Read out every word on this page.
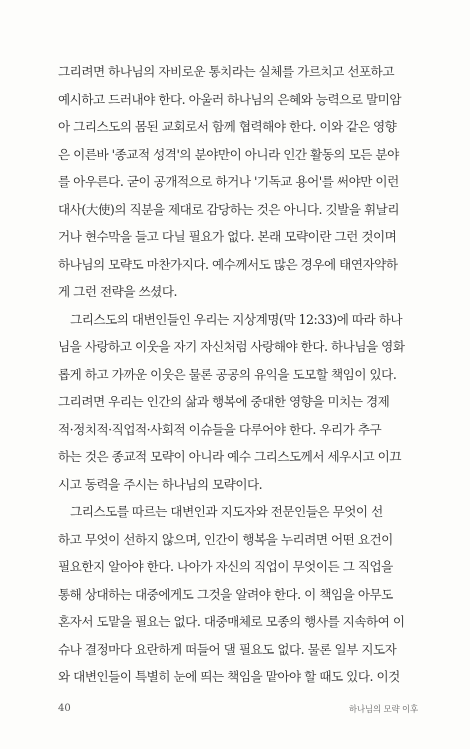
그리려면 하나님의 자비로운 통치라는 실체를 가르치고 선포하고
예시하고 드러내야 한다. 아울러 하나님의 은혜와 능력으로 말미암
아 그리스도의 몸된 교회로서 함께 협력해야 한다. 이와 같은 영향
은 이른바 '종교적 성격'의 분야만이 아니라 인간 활동의 모든 분야
를 아우른다. 굳이 공개적으로 하거나 '기독교 용어'를 써야만 이런
대사(大使)의 직분을 제대로 감당하는 것은 아니다. 깃발을 휘날리
거나 현수막을 들고 다닐 필요가 없다. 본래 모략이란 그런 것이며
하나님의 모략도 마찬가지다. 예수께서도 많은 경우에 태연자약하
게 그런 전략을 쓰셨다.
　그리스도의 대변인들인 우리는 지상계명(막 12:33)에 따라 하나
님을 사랑하고 이웃을 자기 자신처럼 사랑해야 한다. 하나님을 영화
롭게 하고 가까운 이웃은 물론 공공의 유익을 도모할 책임이 있다.
그리려면 우리는 인간의 삶과 행복에 중대한 영향을 미치는 경제
적·정치적·직업적·사회적 이슈들을 다루어야 한다. 우리가 추구
하는 것은 종교적 모략이 아니라 예수 그리스도께서 세우시고 이끄
시고 동력을 주시는 하나님의 모략이다.
　그리스도를 따르는 대변인과 지도자와 전문인들은 무엇이 선
하고 무엇이 선하지 않으며, 인간이 행복을 누리려면 어떤 요건이
필요한지 알아야 한다. 나아가 자신의 직업이 무엇이든 그 직업을
통해 상대하는 대중에게도 그것을 알려야 한다. 이 책임을 아무도
혼자서 도맡을 필요는 없다. 대중매체로 모종의 행사를 지속하여 이
슈나 결정마다 요란하게 떠들어 댈 필요도 없다. 물론 일부 지도자
와 대변인들이 특별히 눈에 띄는 책임을 맡아야 할 때도 있다. 이것
40	하나님의 모략 이후
